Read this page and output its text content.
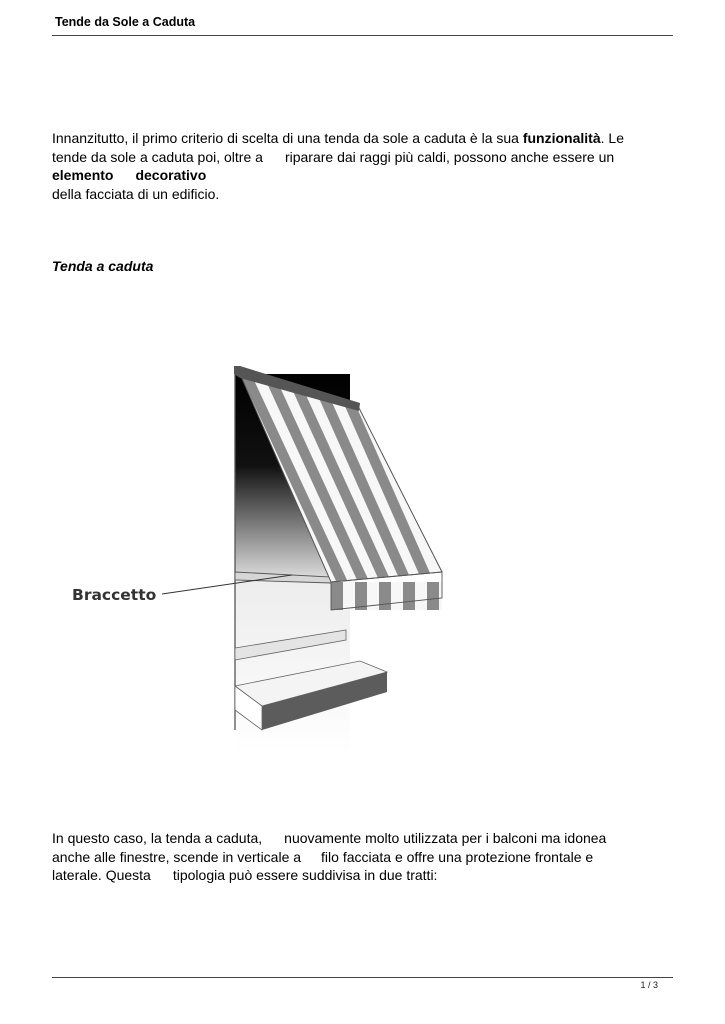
Tende da Sole a Caduta

Innanzitutto, il primo criterio di scelta di una tenda da sole a caduta è la sua funzionalità. Le

tende da sole a caduta poi, oltre a riparare dai raggi più caldi, possono anche essere un

elemento decorativo

della facciata di un edificio.

Tenda a caduta
Braccetto

In questo caso, la tenda a caduta, nuovamente molto utilizzata per i balconi ma idonea

anche alle finestre, scende in verticale a filo facciata e offre una protezione frontale e

laterale. Questa tipologia può essere suddivisa in due tratti:

1 / 3
